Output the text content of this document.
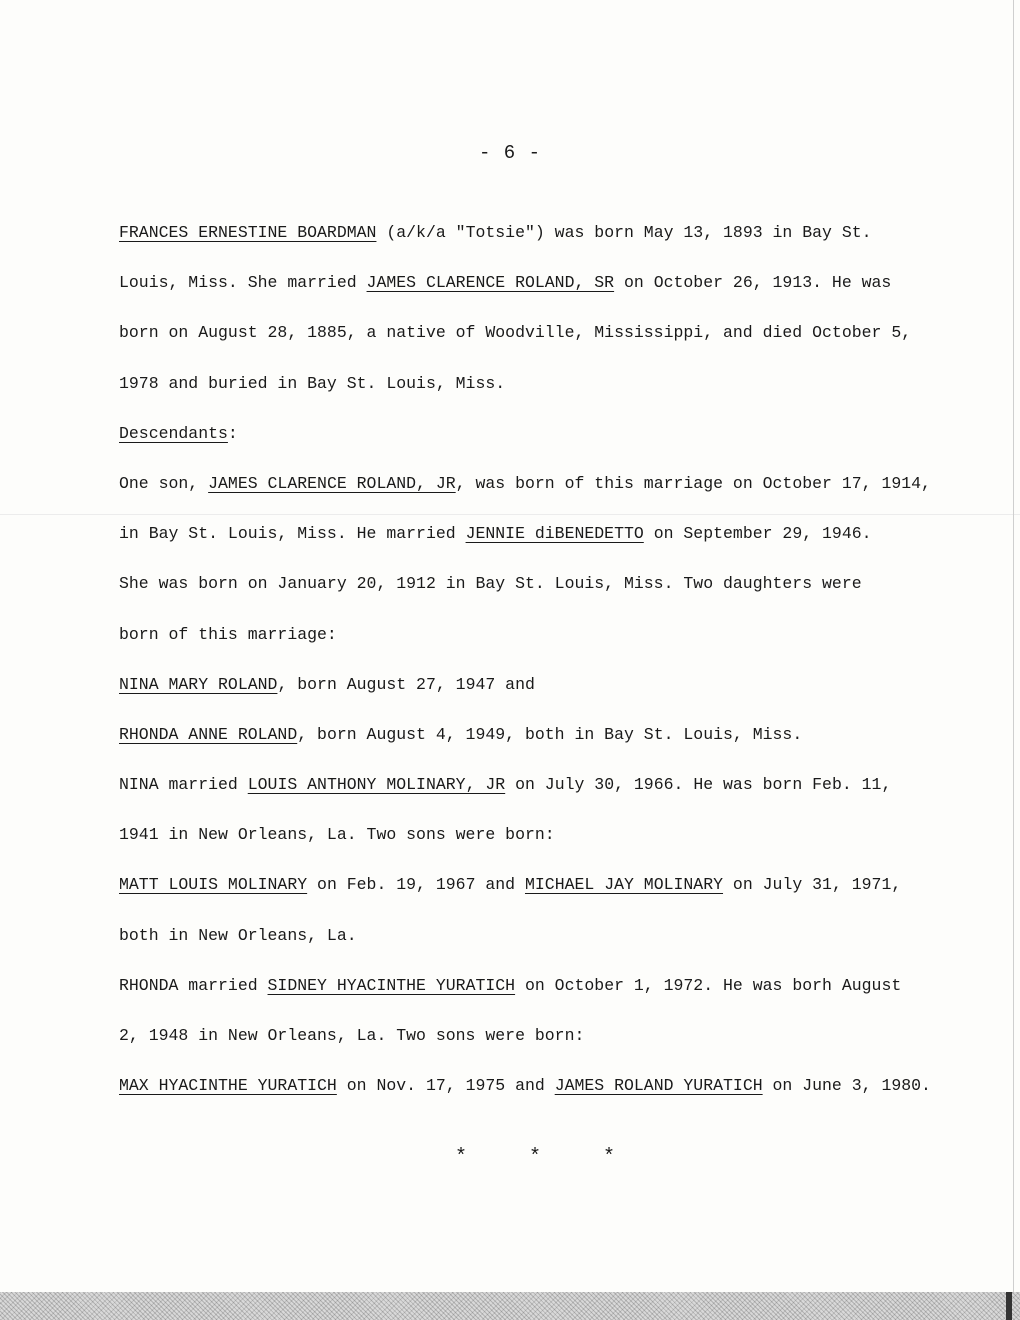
- 6 -
FRANCES ERNESTINE BOARDMAN (a/k/a "Totsie") was born May 13, 1893 in Bay St.
Louis, Miss. She married JAMES CLARENCE ROLAND, SR on October 26, 1913. He was
born on August 28, 1885, a native of Woodville, Mississippi, and died October 5,
1978 and buried in Bay St. Louis, Miss.
Descendants:
One son, JAMES CLARENCE ROLAND, JR, was born of this marriage on October 17, 1914,
in Bay St. Louis, Miss. He married JENNIE diBENEDETTO on September 29, 1946.
She was born on January 20, 1912 in Bay St. Louis, Miss. Two daughters were
born of this marriage:
NINA MARY ROLAND, born August 27, 1947 and
RHONDA ANNE ROLAND, born August 4, 1949, both in Bay St. Louis, Miss.
NINA married LOUIS ANTHONY MOLINARY, JR on July 30, 1966. He was born Feb. 11,
1941 in New Orleans, La. Two sons were born:
MATT LOUIS MOLINARY on Feb. 19, 1967 and MICHAEL JAY MOLINARY on July 31, 1971,
both in New Orleans, La.
RHONDA married SIDNEY HYACINTHE YURATICH on October 1, 1972. He was borh August
2, 1948 in New Orleans, La. Two sons were born:
MAX HYACINTHE YURATICH on Nov. 17, 1975 and JAMES ROLAND YURATICH on June 3, 1980.
*	*	*
